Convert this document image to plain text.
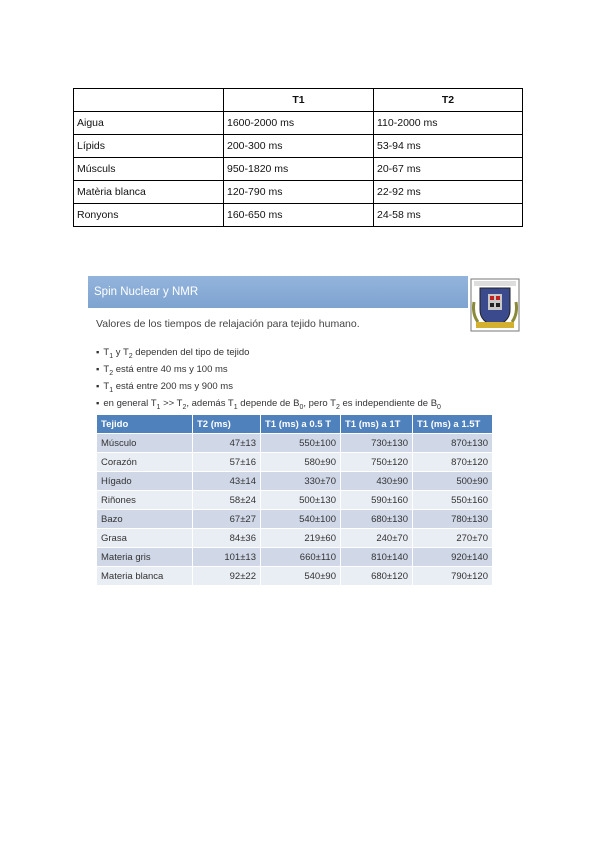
	T1	T2
Aigua	1600-2000 ms	110-2000 ms
Lípids	200-300 ms	53-94 ms
Músculs	950-1820 ms	20-67 ms
Matèria blanca	120-790 ms	22-92 ms
Ronyons	160-650 ms	24-58 ms
Spin Nuclear y NMR

Valores de los tiempos de relajación para tejido humano.

▪ $T_1$ y $T_2$ dependen del tipo de tejido
▪ $T_2$ está entre 40 ms y 100 ms
▪ $T_1$ está entre 200 ms y 900 ms
▪ en general $T_1 >> T_2$, además $T_1$ depende de $B_0$, pero $T_2$ es independiente de $B_0$
Tejido	T2 (ms)	T1 (ms) a 0.5 T	T1 (ms) a 1T	T1 (ms) a 1.5T
Músculo	47±13	550±100	730±130	870±130
Corazón	57±16	580±90	750±120	870±120
Hígado	43±14	330±70	430±90	500±90
Riñones	58±24	500±130	590±160	550±160
Bazo	67±27	540±100	680±130	780±130
Grasa	84±36	219±60	240±70	270±70
Materia gris	101±13	660±110	810±140	920±140
Materia blanca	92±22	540±90	680±120	790±120
